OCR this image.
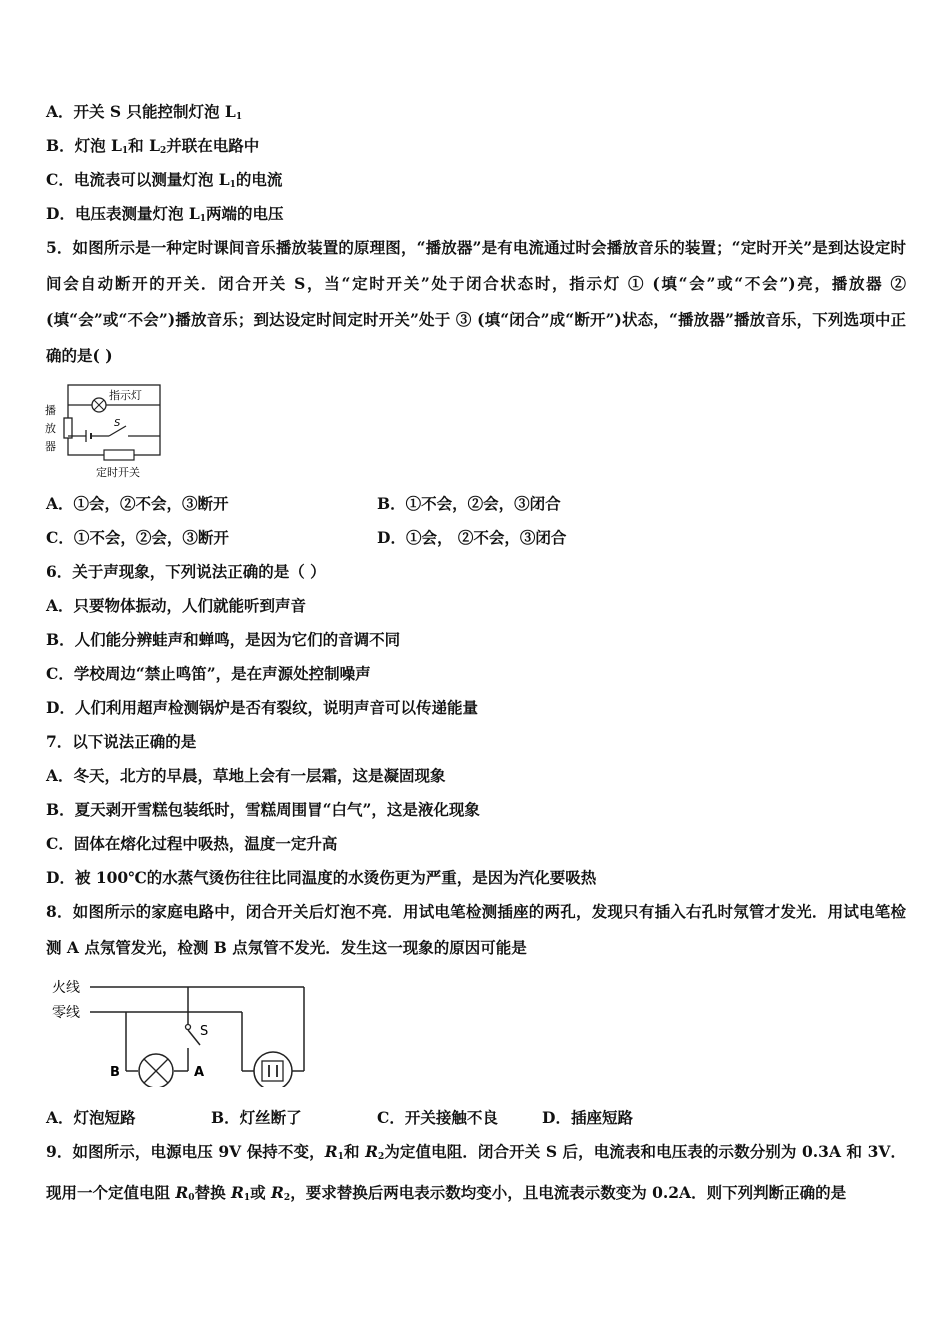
A．开关 S 只能控制灯泡 $L_1$
B．灯泡 $L_1$和 $L_2$并联在电路中
C．电流表可以测量灯泡 $L_1$的电流
D．电压表测量灯泡 $L_1$两端的电压
5．如图所示是一种定时课间音乐播放装置的原理图，“播放器”是有电流通过时会播放音乐的装置；“定时开关”是到达设定时间会自动断开的开关．闭合开关 S，当“定时开关”处于闭合状态时，指示灯 ① (填“会”或“不会”)亮，播放器 ② (填“会”或“不会”)播放音乐；到达设定时间定时开关”处于 ③ (填“闭合”成“断开”)状态，“播放器”播放音乐，下列选项中正确的是( )
指示灯
播
放
器
S
定时开关
A．①会，②不会，③断开	B．①不会，②会，③闭合
C．①不会，②会，③断开	D．①会， ②不会，③闭合
6．关于声现象，下列说法正确的是（ ）
A．只要物体振动，人们就能听到声音
B．人们能分辨蛙声和蝉鸣，是因为它们的音调不同
C．学校周边“禁止鸣笛”，是在声源处控制噪声
D．人们利用超声检测锅炉是否有裂纹，说明声音可以传递能量
7．以下说法正确的是
A．冬天，北方的早晨，草地上会有一层霜，这是凝固现象
B．夏天剥开雪糕包装纸时，雪糕周围冒“白气”，这是液化现象
C．固体在熔化过程中吸热，温度一定升高
D．被 100℃的水蒸气烫伤往往比同温度的水烫伤更为严重，是因为汽化要吸热
8．如图所示的家庭电路中，闭合开关后灯泡不亮．用试电笔检测插座的两孔，发现只有插入右孔时氖管才发光．用试电笔检测 A 点氖管发光，检测 B 点氖管不发光．发生这一现象的原因可能是
火线
零线
B	A
S
A．灯泡短路	B．灯丝断了	C．开关接触不良	D．插座短路
9．如图所示，电源电压 9V 保持不变，$R_1$和 $R_2$为定值电阻．闭合开关 S 后，电流表和电压表的示数分别为 0.3A 和 3V．现用一个定值电阻 $R_0$替换 $R_1$或 $R_2$，要求替换后两电表示数均变小，且电流表示数变为 0.2A．则下列判断正确的是
